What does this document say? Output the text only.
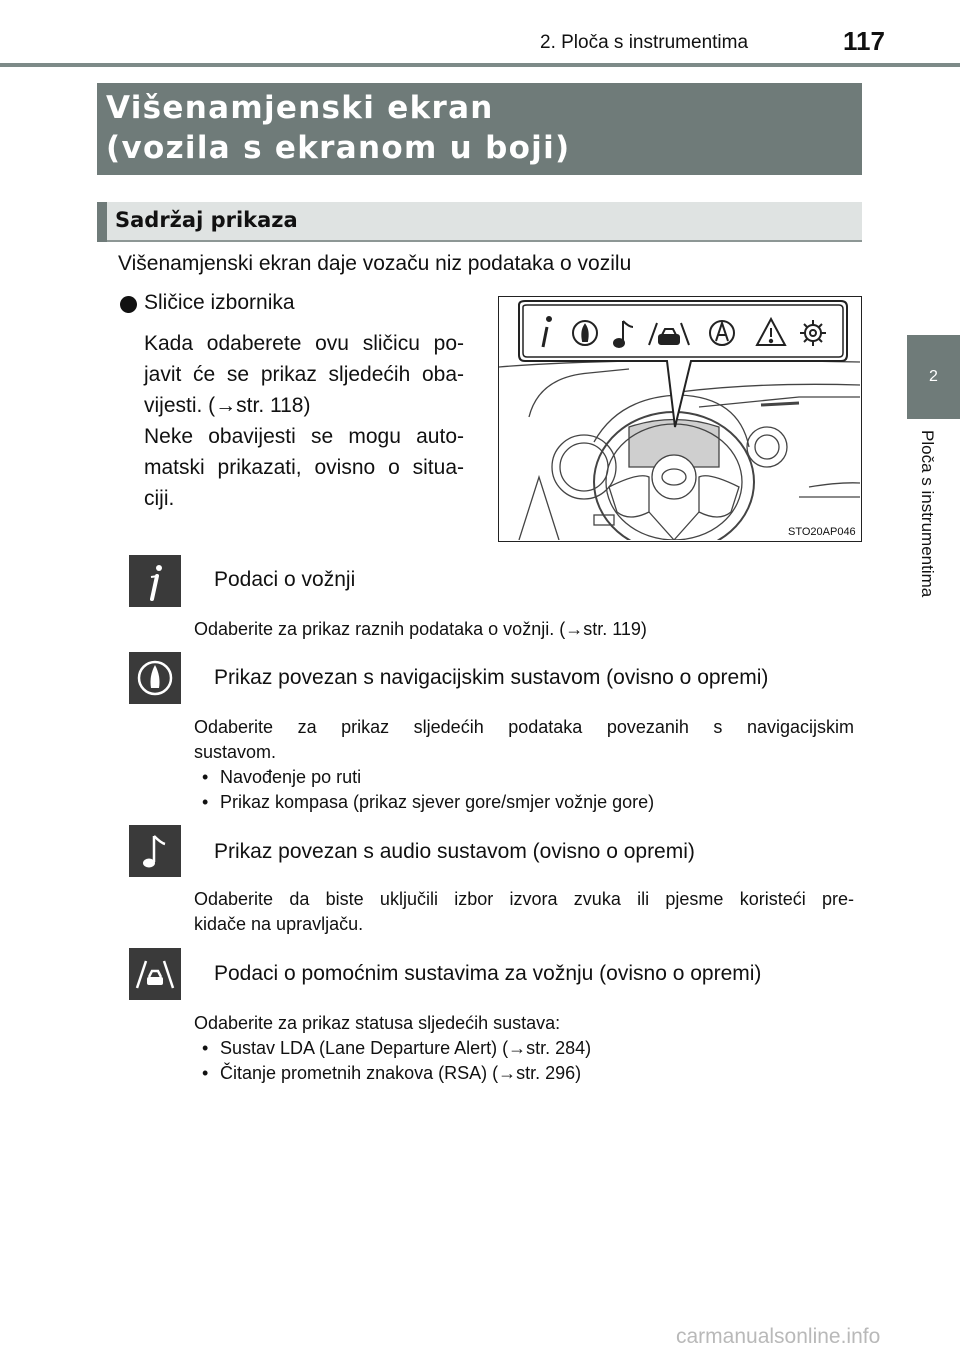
2. Ploča s instrumentima	117
2
Ploča s instrumentima
Višenamjenski ekran
(vozila s ekranom u boji)
Sadržaj prikaza
Višenamjenski ekran daje vozaču niz podataka o vozilu
Sličice izbornika
Kada odaberete ovu sličicu po-
javit će se prikaz sljedećih oba-
vijesti. (→str. 118)
Neke obavijesti se mogu auto-
matski prikazati, ovisno o situa-
ciji.
STO20AP046
Podaci o vožnji
Odaberite za prikaz raznih podataka o vožnji. (→str. 119)
Prikaz povezan s navigacijskim sustavom (ovisno o opremi)
Odaberite za prikaz sljedećih podataka povezanih s navigacijskim
sustavom.
• Navođenje po ruti
• Prikaz kompasa (prikaz sjever gore/smjer vožnje gore)
Prikaz povezan s audio sustavom (ovisno o opremi)
Odaberite da biste uključili izbor izvora zvuka ili pjesme koristeći pre-
kidače na upravljaču.
Podaci o pomoćnim sustavima za vožnju (ovisno o opremi)
Odaberite za prikaz statusa sljedećih sustava:
• Sustav LDA (Lane Departure Alert) (→str. 284)
• Čitanje prometnih znakova (RSA) (→str. 296)
carmanualsonline.info
